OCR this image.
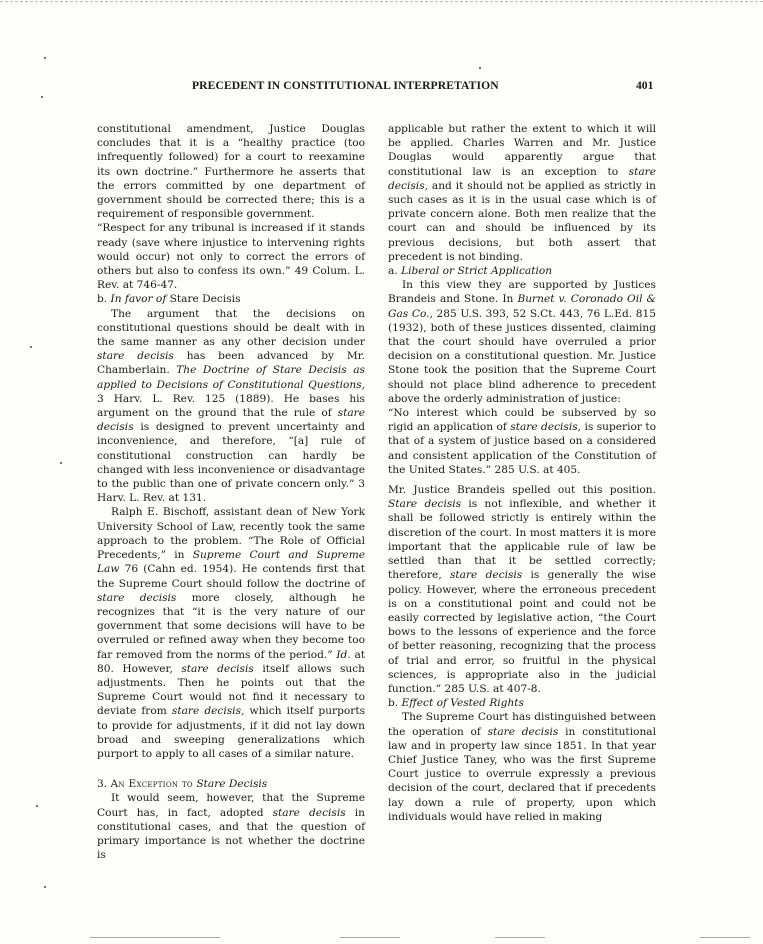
PRECEDENT IN CONSTITUTIONAL INTERPRETATION	401

constitutional amendment, Justice Douglas concludes that it is a “healthy practice (too infrequently followed) for a court to reexamine its own doctrine.” Furthermore he asserts that the errors committed by one department of government should be corrected there; this is a requirement of responsible government.

“Respect for any tribunal is increased if it stands ready (save where injustice to intervening rights would occur) not only to correct the errors of others but also to confess its own.” 49 Colum. L. Rev. at 746-47.

b. In favor of Stare Decisis

The argument that the decisions on constitutional questions should be dealt with in the same manner as any other decision under stare decisis has been advanced by Mr. Chamberlain. The Doctrine of Stare Decisis as applied to Decisions of Constitutional Questions, 3 Harv. L. Rev. 125 (1889). He bases his argument on the ground that the rule of stare decisis is designed to prevent uncertainty and inconvenience, and therefore, “[a] rule of constitutional construction can hardly be changed with less inconvenience or disadvantage to the public than one of private concern only.” 3 Harv. L. Rev. at 131.

Ralph E. Bischoff, assistant dean of New York University School of Law, recently took the same approach to the problem. “The Role of Official Precedents,” in Supreme Court and Supreme Law 76 (Cahn ed. 1954). He contends first that the Supreme Court should follow the doctrine of stare decisis more closely, although he recognizes that “it is the very nature of our government that some decisions will have to be overruled or refined away when they become too far removed from the norms of the period.” Id. at 80. However, stare decisis itself allows such adjustments. Then he points out that the Supreme Court would not find it necessary to deviate from stare decisis, which itself purports to provide for adjustments, if it did not lay down broad and sweeping generalizations which purport to apply to all cases of a similar nature.

3. An Exception to Stare Decisis

It would seem, however, that the Supreme Court has, in fact, adopted stare decisis in constitutional cases, and that the question of primary importance is not whether the doctrine is

applicable but rather the extent to which it will be applied. Charles Warren and Mr. Justice Douglas would apparently argue that constitutional law is an exception to stare decisis, and it should not be applied as strictly in such cases as it is in the usual case which is of private concern alone. Both men realize that the court can and should be influenced by its previous decisions, but both assert that precedent is not binding.

a. Liberal or Strict Application

In this view they are supported by Justices Brandeis and Stone. In Burnet v. Coronado Oil & Gas Co., 285 U.S. 393, 52 S.Ct. 443, 76 L.Ed. 815 (1932), both of these justices dissented, claiming that the court should have overruled a prior decision on a constitutional question. Mr. Justice Stone took the position that the Supreme Court should not place blind adherence to precedent above the orderly administration of justice:

“No interest which could be subserved by so rigid an application of stare decisis, is superior to that of a system of justice based on a considered and consistent application of the Constitution of the United States.” 285 U.S. at 405.

Mr. Justice Brandeis spelled out this position. Stare decisis is not inflexible, and whether it shall be followed strictly is entirely within the discretion of the court. In most matters it is more important that the applicable rule of law be settled than that it be settled correctly; therefore, stare decisis is generally the wise policy. However, where the erroneous precedent is on a constitutional point and could not be easily corrected by legislative action, “the Court bows to the lessons of experience and the force of better reasoning, recognizing that the process of trial and error, so fruitful in the physical sciences, is appropriate also in the judicial function.” 285 U.S. at 407-8.

b. Effect of Vested Rights

The Supreme Court has distinguished between the operation of stare decisis in constitutional law and in property law since 1851. In that year Chief Justice Taney, who was the first Supreme Court justice to overrule expressly a previous decision of the court, declared that if precedents lay down a rule of property, upon which individuals would have relied in making
